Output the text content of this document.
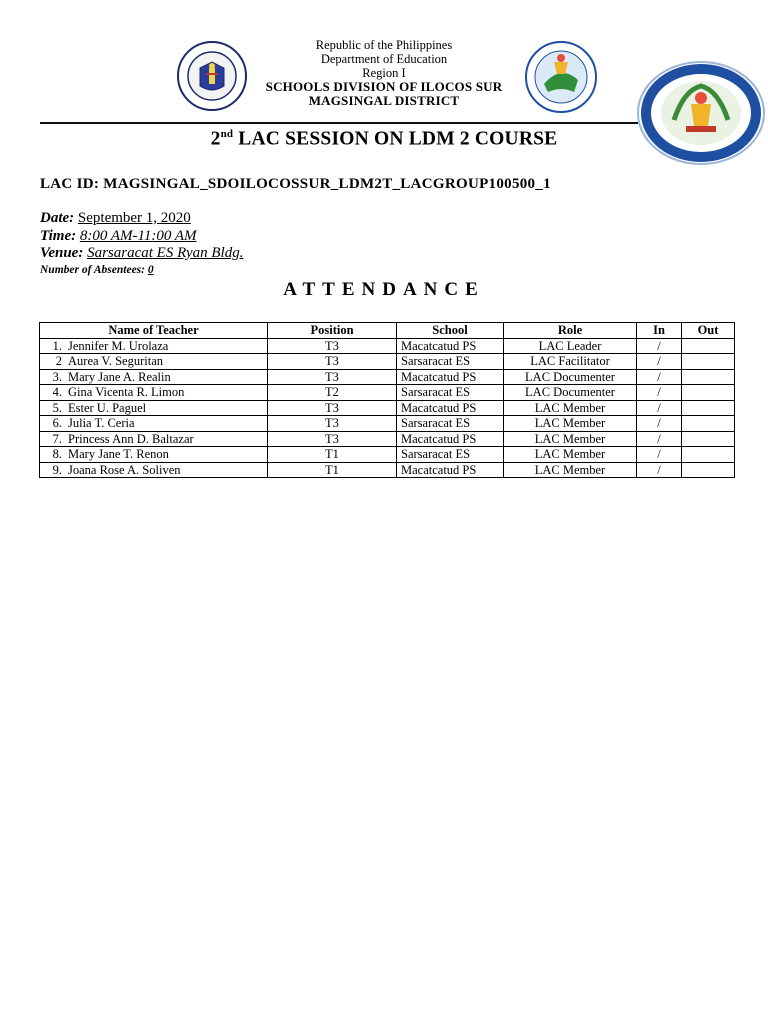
Republic of the Philippines
Department of Education
Region I
SCHOOLS DIVISION OF ILOCOS SUR
MAGSINGAL DISTRICT
2nd LAC SESSION ON LDM 2 COURSE
LAC ID: MAGSINGAL_SDOILOCOSSUR_LDM2T_LACGROUP100500_1
Date: September 1, 2020
Time: 8:00 AM-11:00 AM
Venue: Sarsaracat ES Ryan Bldg.
Number of Absentees: 0
ATTENDANCE
Name of Teacher	Position	School	Role	In	Out

1. Jennifer M. Urolaza	T3	Macatcatud PS	LAC Leader	/	

2 Aurea V. Seguritan	T3	Sarsaracat ES	LAC Facilitator	/	

3. Mary Jane A. Realin	T3	Macatcatud PS	LAC Documenter	/	

4. Gina Vicenta R. Limon	T2	Sarsaracat ES	LAC Documenter	/	

5. Ester U. Paguel	T3	Macatcatud PS	LAC Member	/	

6. Julia T. Ceria	T3	Sarsaracat ES	LAC Member	/	

7. Princess Ann D. Baltazar	T3	Macatcatud PS	LAC Member	/	

8. Mary Jane T. Renon	T1	Sarsaracat ES	LAC Member	/	

9. Joana Rose A. Soliven	T1	Macatcatud PS	LAC Member	/	
